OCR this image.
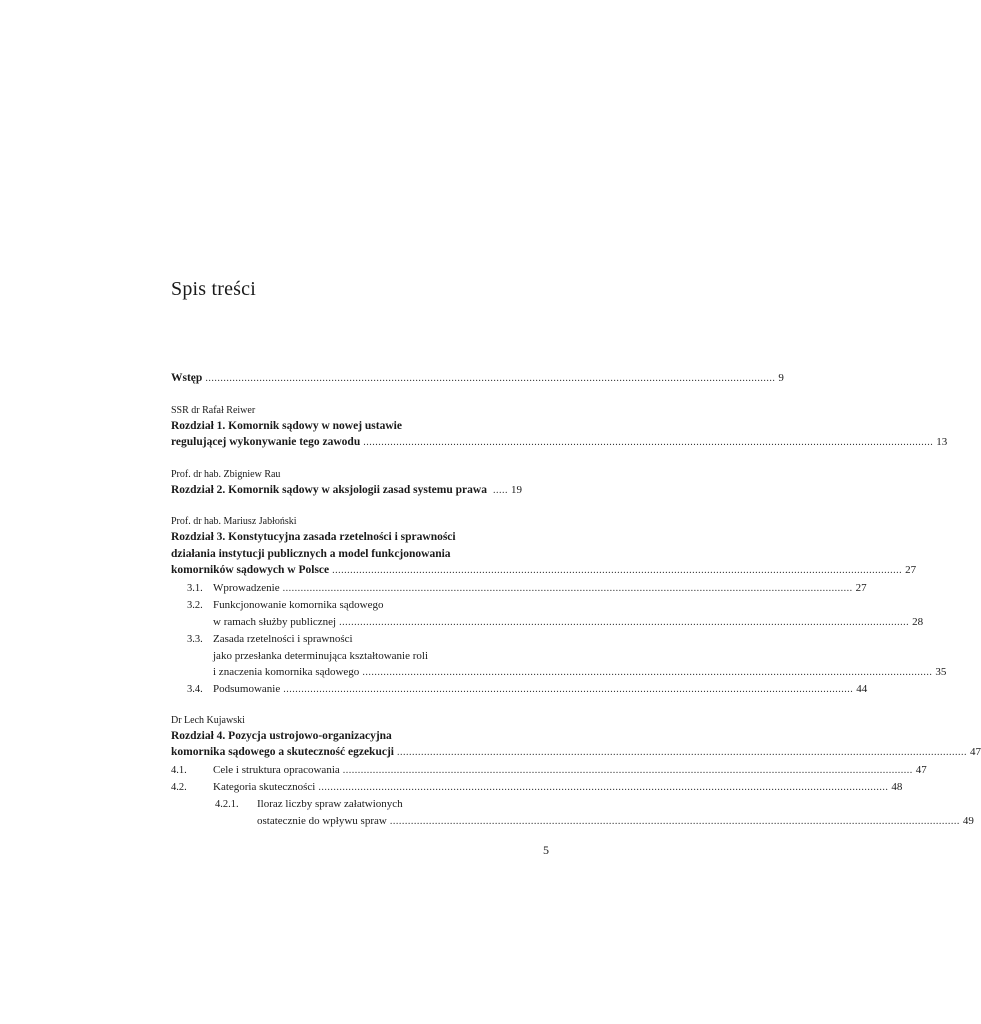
Spis treści
Wstęp .............................................................................................................................................................................................. 9
SSR dr Rafał Reiwer
Rozdział 1. Komornik sądowy w nowej ustawie
regulującej wykonywanie tego zawodu .............................................................................................................................................................................................. 13
Prof. dr hab. Zbigniew Rau
Rozdział 2. Komornik sądowy w aksjologii zasad systemu prawa ..... 19
Prof. dr hab. Mariusz Jabłoński
Rozdział 3. Konstytucyjna zasada rzetelności i sprawności
działania instytucji publicznych a model funkcjonowania
komorników sądowych w Polsce .............................................................................................................................................................................................. 27
3.1. Wprowadzenie .............................................................................................................................................................................................. 27
3.2. Funkcjonowanie komornika sądowego
w ramach służby publicznej .............................................................................................................................................................................................. 28
3.3. Zasada rzetelności i sprawności
jako przesłanka determinująca kształtowanie roli
i znaczenia komornika sądowego .............................................................................................................................................................................................. 35
3.4. Podsumowanie .............................................................................................................................................................................................. 44
Dr Lech Kujawski
Rozdział 4. Pozycja ustrojowo-organizacyjna
komornika sądowego a skuteczność egzekucji .............................................................................................................................................................................................. 47
4.1. Cele i struktura opracowania .............................................................................................................................................................................................. 47
4.2. Kategoria skuteczności .............................................................................................................................................................................................. 48
4.2.1. Iloraz liczby spraw załatwionych
ostatecznie do wpływu spraw .............................................................................................................................................................................................. 49
5
